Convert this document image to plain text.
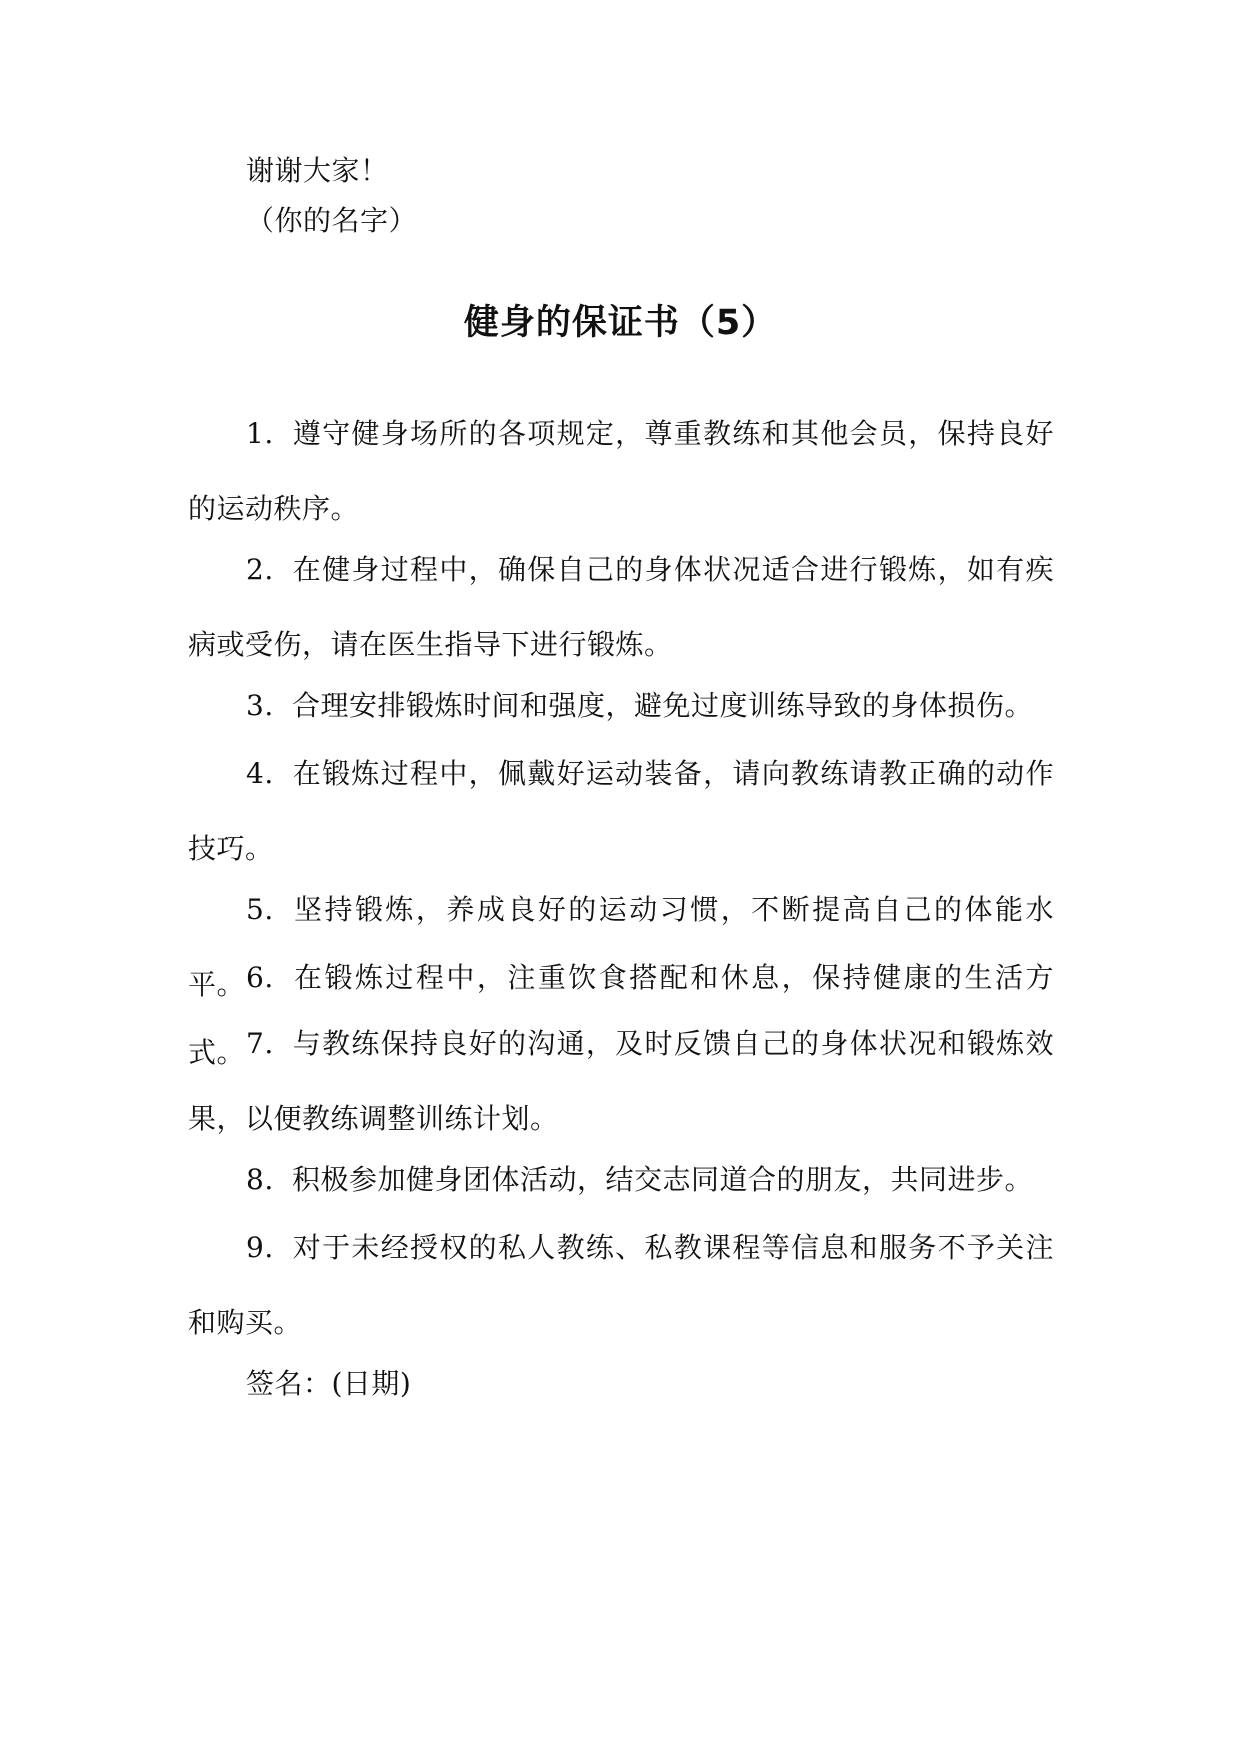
谢谢大家！

（你的名字）

健身的保证书（5）

1. 遵守健身场所的各项规定，尊重教练和其他会员，保持良好的运动秩序。

2. 在健身过程中，确保自己的身体状况适合进行锻炼，如有疾病或受伤，请在医生指导下进行锻炼。

3. 合理安排锻炼时间和强度，避免过度训练导致的身体损伤。

4. 在锻炼过程中，佩戴好运动装备，请向教练请教正确的动作技巧。

5. 坚持锻炼，养成良好的运动习惯，不断提高自己的体能水平。 6. 在锻炼过程中，注重饮食搭配和休息，保持健康的生活方式。 7. 与教练保持良好的沟通，及时反馈自己的身体状况和锻炼效果，以便教练调整训练计划。

8. 积极参加健身团体活动，结交志同道合的朋友，共同进步。

9. 对于未经授权的私人教练、私教课程等信息和服务不予关注和购买。

签名：(日期)
